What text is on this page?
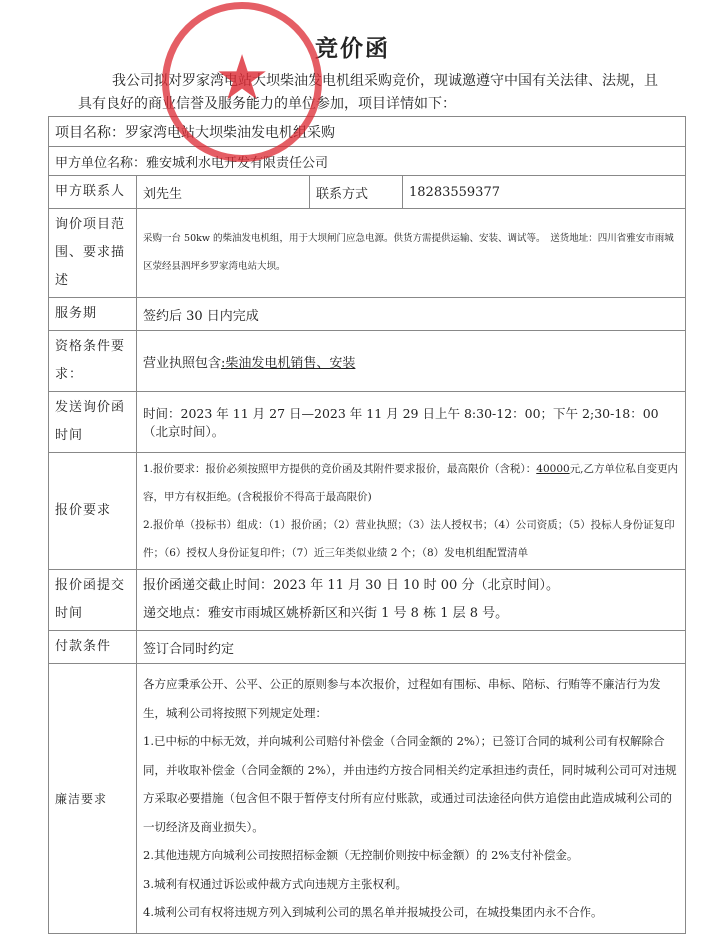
竞价函
我公司拟对罗家湾电站大坝柴油发电机组采购竞价，现诚邀遵守中国有关法律、法规，且具有良好的商业信誉及服务能力的单位参加，项目详情如下：
项目名称：罗家湾电站大坝柴油发电机组采购			
甲方单位名称：雅安城利水电开发有限责任公司			
甲方联系人	刘先生	联系方式	18283559377
询价项目范围、要求描述	采购一台 50kw 的柴油发电机组，用于大坝闸门应急电源。供货方需提供运输、安装、调试等。　送货地址：四川省雅安市雨城区荥经县泗坪乡罗家湾电站大坝。		
服务期	签约后 30 日内完成		
资格条件要求：	营业执照包含:柴油发电机销售、安装		
发送询价函时间	时间：2023 年 11 月 27 日—2023 年 11 月 29 日上午 8:30-12：00；下午 2;30-18：00（北京时间）。		
报价要求	1.报价要求：报价必须按照甲方提供的竞价函及其附件要求报价，最高限价（含税）：40000元,乙方单位私自变更内容，甲方有权拒绝。(含税报价不得高于最高限价)
2.报价单（投标书）组成：（1）报价函；（2）营业执照；（3）法人授权书；（4）公司资质；（5）投标人身份证复印件；（6）授权人身份证复印件；（7）近三年类似业绩 2 个；（8）发电机组配置清单		

报价函提交时间	报价函递交截止时间：2023 年 11 月 30 日 10 时 00 分（北京时间）。
递交地点：雅安市雨城区姚桥新区和兴街 1 号 8 栋 1 层 8 号。		

付款条件	签订合同时约定		
廉洁要求	各方应秉承公开、公平、公正的原则参与本次报价，过程如有围标、串标、陪标、行贿等不廉洁行为发生，城利公司将按照下列规定处理：
1.已中标的中标无效，并向城利公司赔付补偿金（合同金额的 2%）；已签订合同的城利公司有权解除合同，并收取补偿金（合同金额的 2%），并由违约方按合同相关约定承担违约责任，同时城利公司可对违规方采取必要措施（包含但不限于暂停支付所有应付账款，或通过司法途径向供方追偿由此造成城利公司的一切经济及商业损失）。
2.其他违规方向城利公司按照招标金额（无控制价则按中标金额）的 2%支付补偿金。
3.城利有权通过诉讼或仲裁方式向违规方主张权利。
4.城利公司有权将违规方列入到城利公司的黑名单并报城投公司，在城投集团内永不合作。		
★
